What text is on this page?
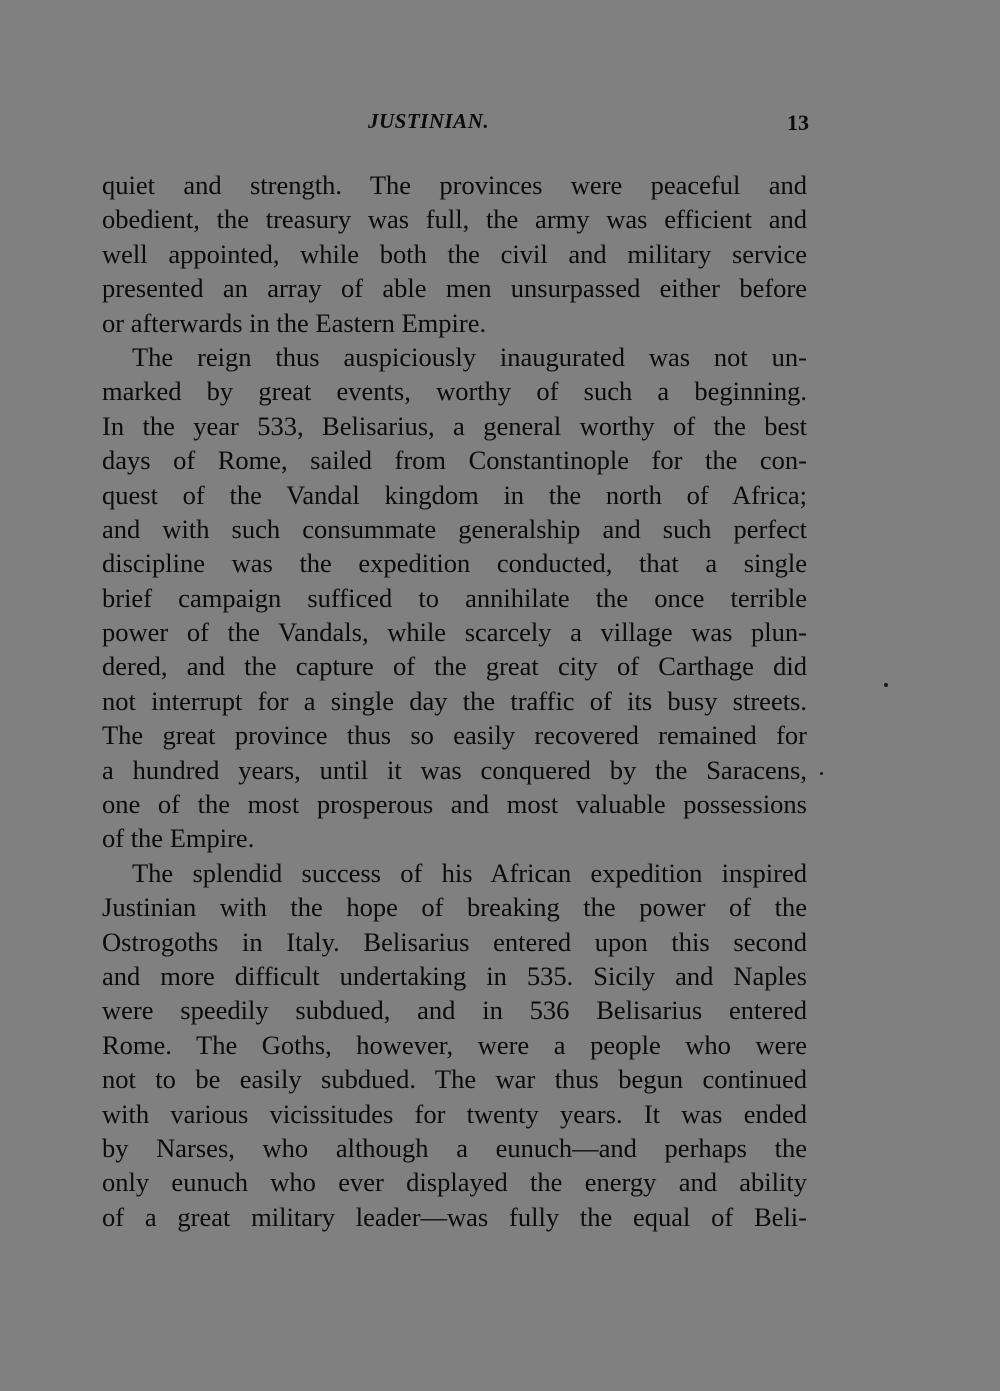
JUSTINIAN.	13
quiet and strength. The provinces were peaceful and
obedient, the treasury was full, the army was efficient and
well appointed, while both the civil and military service
presented an array of able men unsurpassed either before
or afterwards in the Eastern Empire.
The reign thus auspiciously inaugurated was not un-
marked by great events, worthy of such a beginning.
In the year 533, Belisarius, a general worthy of the best
days of Rome, sailed from Constantinople for the con-
quest of the Vandal kingdom in the north of Africa;
and with such consummate generalship and such perfect
discipline was the expedition conducted, that a single
brief campaign sufficed to annihilate the once terrible
power of the Vandals, while scarcely a village was plun-
dered, and the capture of the great city of Carthage did
not interrupt for a single day the traffic of its busy streets.
The great province thus so easily recovered remained for
a hundred years, until it was conquered by the Saracens,
one of the most prosperous and most valuable possessions
of the Empire.
The splendid success of his African expedition inspired
Justinian with the hope of breaking the power of the
Ostrogoths in Italy. Belisarius entered upon this second
and more difficult undertaking in 535. Sicily and Naples
were speedily subdued, and in 536 Belisarius entered
Rome. The Goths, however, were a people who were
not to be easily subdued. The war thus begun continued
with various vicissitudes for twenty years. It was ended
by Narses, who although a eunuch—and perhaps the
only eunuch who ever displayed the energy and ability
of a great military leader—was fully the equal of Beli-
